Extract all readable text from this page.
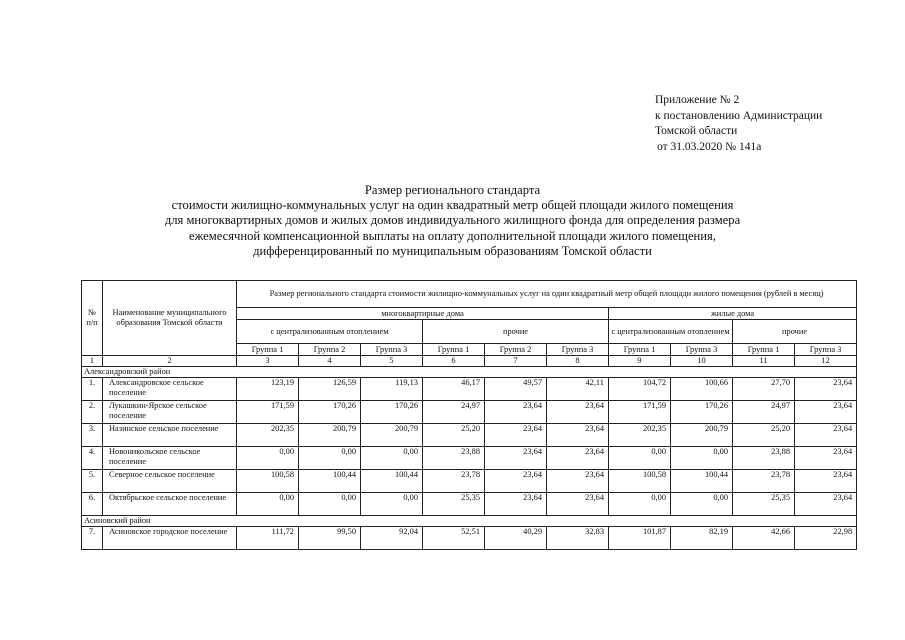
Приложение № 2
к постановлению Администрации
Томской области
от 31.03.2020 № 141а
Размер регионального стандарта
стоимости жилищно-коммунальных услуг на один квадратный метр общей площади жилого помещения
для многоквартирных домов и жилых домов индивидуального жилищного фонда для определения размера
ежемесячной компенсационной выплаты на оплату дополнительной площади жилого помещения,
дифференцированный по муниципальным образованиям Томской области
№ п/п	Наименование муниципального образования Томской области	Размер регионального стандарта стоимости жилищно-коммунальных услуг на один квадратный метр общей площади жилого помещения (рублей в месяц)									
		многоквартирные дома						жилые дома			
		с централизованным отоплением			прочие			с централизованным отоплением		прочие	
		Группа 1	Группа 2	Группа 3	Группа 1	Группа 2	Группа 3	Группа 1	Группа 3	Группа 1	Группа 3
1	2	3	4	5	6	7	8	9	10	11	12
Александровский район											
1.	Александровское сельское поселение	123,19	126,59	119,13	46,17	49,57	42,11	104,72	100,66	27,70	23,64
2.	Лукашкин-Ярское сельское поселение	171,59	170,26	170,26	24,97	23,64	23,64	171,59	170,26	24,97	23,64
3.	Назинское сельское поселение	202,35	200,79	200,79	25,20	23,64	23,64	202,35	200,79	25,20	23,64
4.	Новоникольское сельское поселение	0,00	0,00	0,00	23,88	23,64	23,64	0,00	0,00	23,88	23,64
5.	Северное сельское поселение	100,58	100,44	100,44	23,78	23,64	23,64	100,58	100,44	23,78	23,64
6.	Октябрьское сельское поселение	0,00	0,00	0,00	25,35	23,64	23,64	0,00	0,00	25,35	23,64
Асиновский район											
7.	Асиновское городское поселение	111,72	99,50	92,04	52,51	40,29	32,83	101,87	82,19	42,66	22,98
